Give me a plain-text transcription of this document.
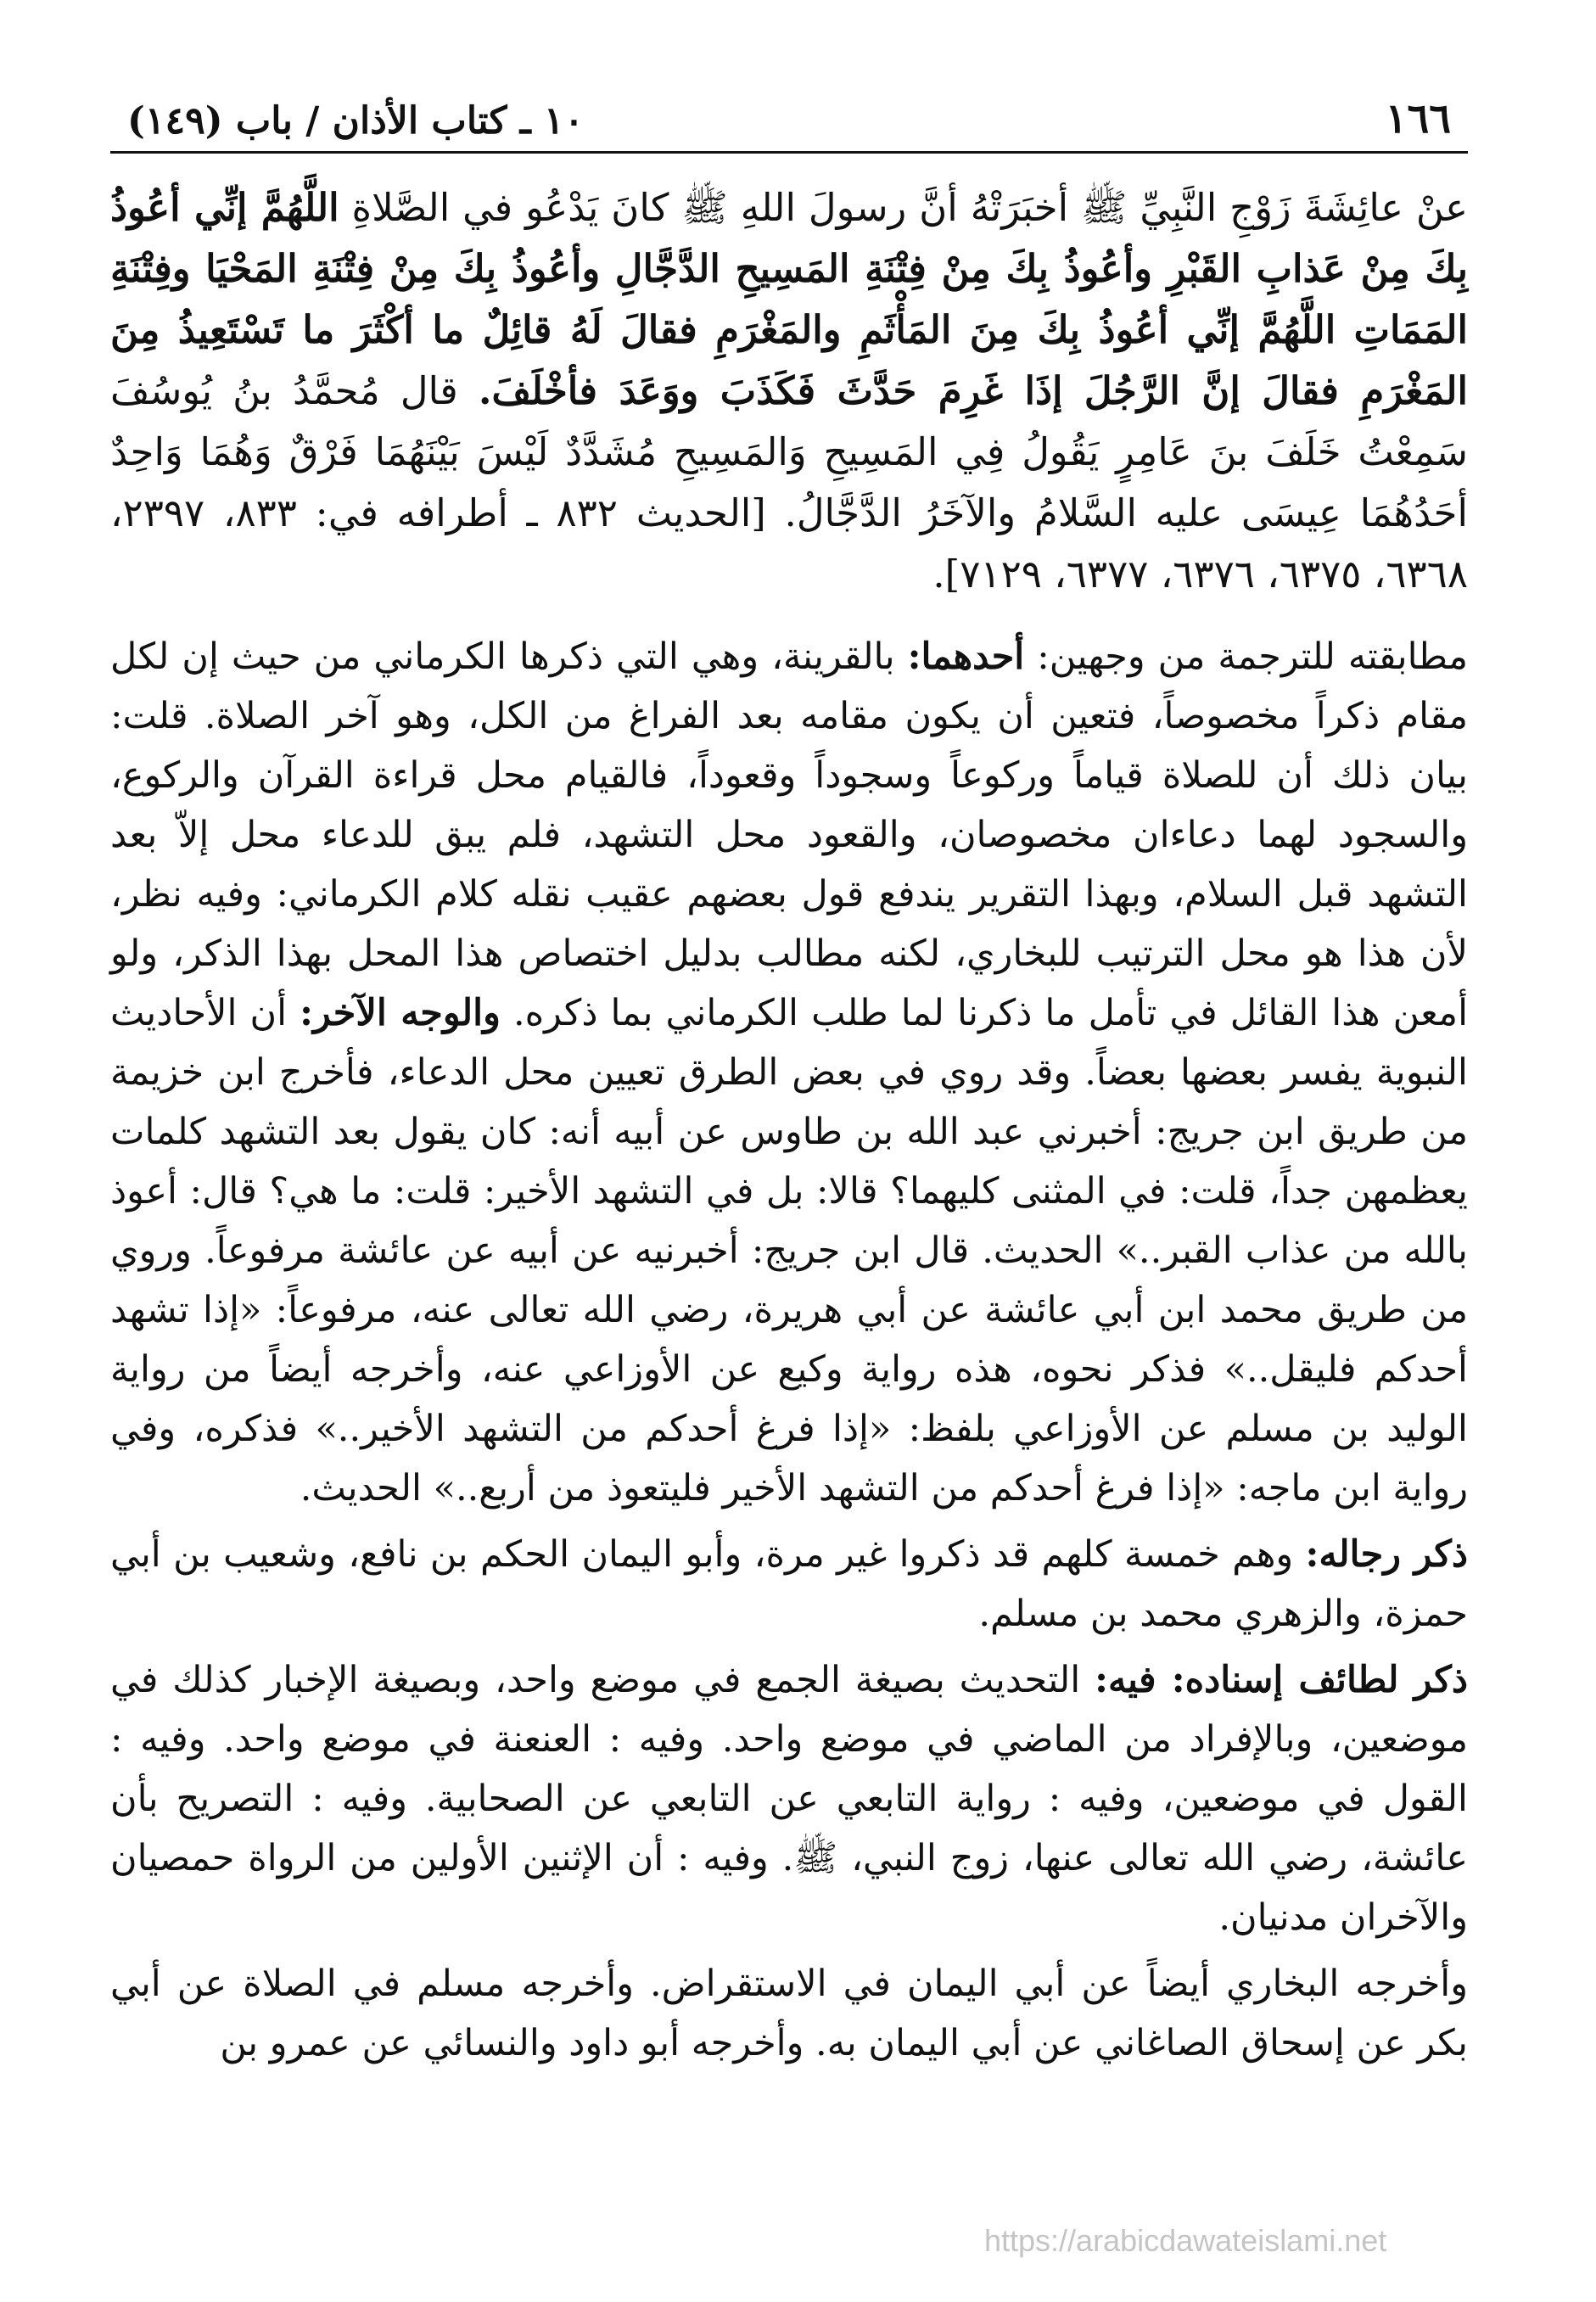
١٦٦
١٠ ـ كتاب الأذان / باب (١٤٩)
عنْ عائِشَةَ زَوْجِ النَّبِيِّ ﷺ أخبَرَتْهُ أنَّ رسولَ اللهِ ﷺ كانَ يَدْعُو في الصَّلاةِ اللَّهُمَّ إنِّي أعُوذُ بِكَ مِنْ عَذابِ القَبْرِ وأعُوذُ بِكَ مِنْ فِتْنَةِ المَسِيحِ الدَّجَّالِ وأعُوذُ بِكَ مِنْ فِتْنَةِ المَحْيَا وفِتْنَةِ المَمَاتِ اللَّهُمَّ إنِّي أعُوذُ بِكَ مِنَ المَأْثَمِ والمَغْرَمِ فقالَ لَهُ قائِلٌ ما أكْثَرَ ما تَسْتَعِيذُ مِنَ المَغْرَمِ فقالَ إنَّ الرَّجُلَ إذَا غَرِمَ حَدَّثَ فَكَذَبَ ووَعَدَ فأخْلَفَ. قال مُحمَّدُ بنُ يُوسُفَ سَمِعْتُ خَلَفَ بنَ عَامِرٍ يَقُولُ فِي المَسِيحِ وَالمَسِيحِ مُشَدَّدٌ لَيْسَ بَيْنَهُمَا فَرْقٌ وَهُمَا وَاحِدٌ أحَدُهُمَا عِيسَى عليه السَّلامُ والآخَرُ الدَّجَّالُ. [الحديث ٨٣٢ ـ أطرافه في: ٨٣٣، ٢٣٩٧، ٦٣٦٨، ٦٣٧٥، ٦٣٧٦، ٦٣٧٧، ٧١٢٩].

مطابقته للترجمة من وجهين: أحدهما: بالقرينة، وهي التي ذكرها الكرماني من حيث إن لكل مقام ذكراً مخصوصاً، فتعين أن يكون مقامه بعد الفراغ من الكل، وهو آخر الصلاة. قلت: بيان ذلك أن للصلاة قياماً وركوعاً وسجوداً وقعوداً، فالقيام محل قراءة القرآن والركوع، والسجود لهما دعاءان مخصوصان، والقعود محل التشهد، فلم يبق للدعاء محل إلاّ بعد التشهد قبل السلام، وبهذا التقرير يندفع قول بعضهم عقيب نقله كلام الكرماني: وفيه نظر، لأن هذا هو محل الترتيب للبخاري، لكنه مطالب بدليل اختصاص هذا المحل بهذا الذكر، ولو أمعن هذا القائل في تأمل ما ذكرنا لما طلب الكرماني بما ذكره. والوجه الآخر: أن الأحاديث النبوية يفسر بعضها بعضاً. وقد روي في بعض الطرق تعيين محل الدعاء، فأخرج ابن خزيمة من طريق ابن جريج: أخبرني عبد الله بن طاوس عن أبيه أنه: كان يقول بعد التشهد كلمات يعظمهن جداً، قلت: في المثنى كليهما؟ قالا: بل في التشهد الأخير: قلت: ما هي؟ قال: أعوذ بالله من عذاب القبر..» الحديث. قال ابن جريج: أخبرنيه عن أبيه عن عائشة مرفوعاً. وروي من طريق محمد ابن أبي عائشة عن أبي هريرة، رضي الله تعالى عنه، مرفوعاً: «إذا تشهد أحدكم فليقل..» فذكر نحوه، هذه رواية وكيع عن الأوزاعي عنه، وأخرجه أيضاً من رواية الوليد بن مسلم عن الأوزاعي بلفظ: «إذا فرغ أحدكم من التشهد الأخير..» فذكره، وفي رواية ابن ماجه: «إذا فرغ أحدكم من التشهد الأخير فليتعوذ من أربع..» الحديث.

ذكر رجاله: وهم خمسة كلهم قد ذكروا غير مرة، وأبو اليمان الحكم بن نافع، وشعيب بن أبي حمزة، والزهري محمد بن مسلم.

ذكر لطائف إسناده: فيه: التحديث بصيغة الجمع في موضع واحد، وبصيغة الإخبار كذلك في موضعين، وبالإفراد من الماضي في موضع واحد. وفيه : العنعنة في موضع واحد. وفيه : القول في موضعين، وفيه : رواية التابعي عن التابعي عن الصحابية. وفيه : التصريح بأن عائشة، رضي الله تعالى عنها، زوج النبي، ﷺ. وفيه : أن الإثنين الأولين من الرواة حمصيان والآخران مدنيان.

وأخرجه البخاري أيضاً عن أبي اليمان في الاستقراض. وأخرجه مسلم في الصلاة عن أبي بكر عن إسحاق الصاغاني عن أبي اليمان به. وأخرجه أبو داود والنسائي عن عمرو بن

https://arabicdawateislami.net
